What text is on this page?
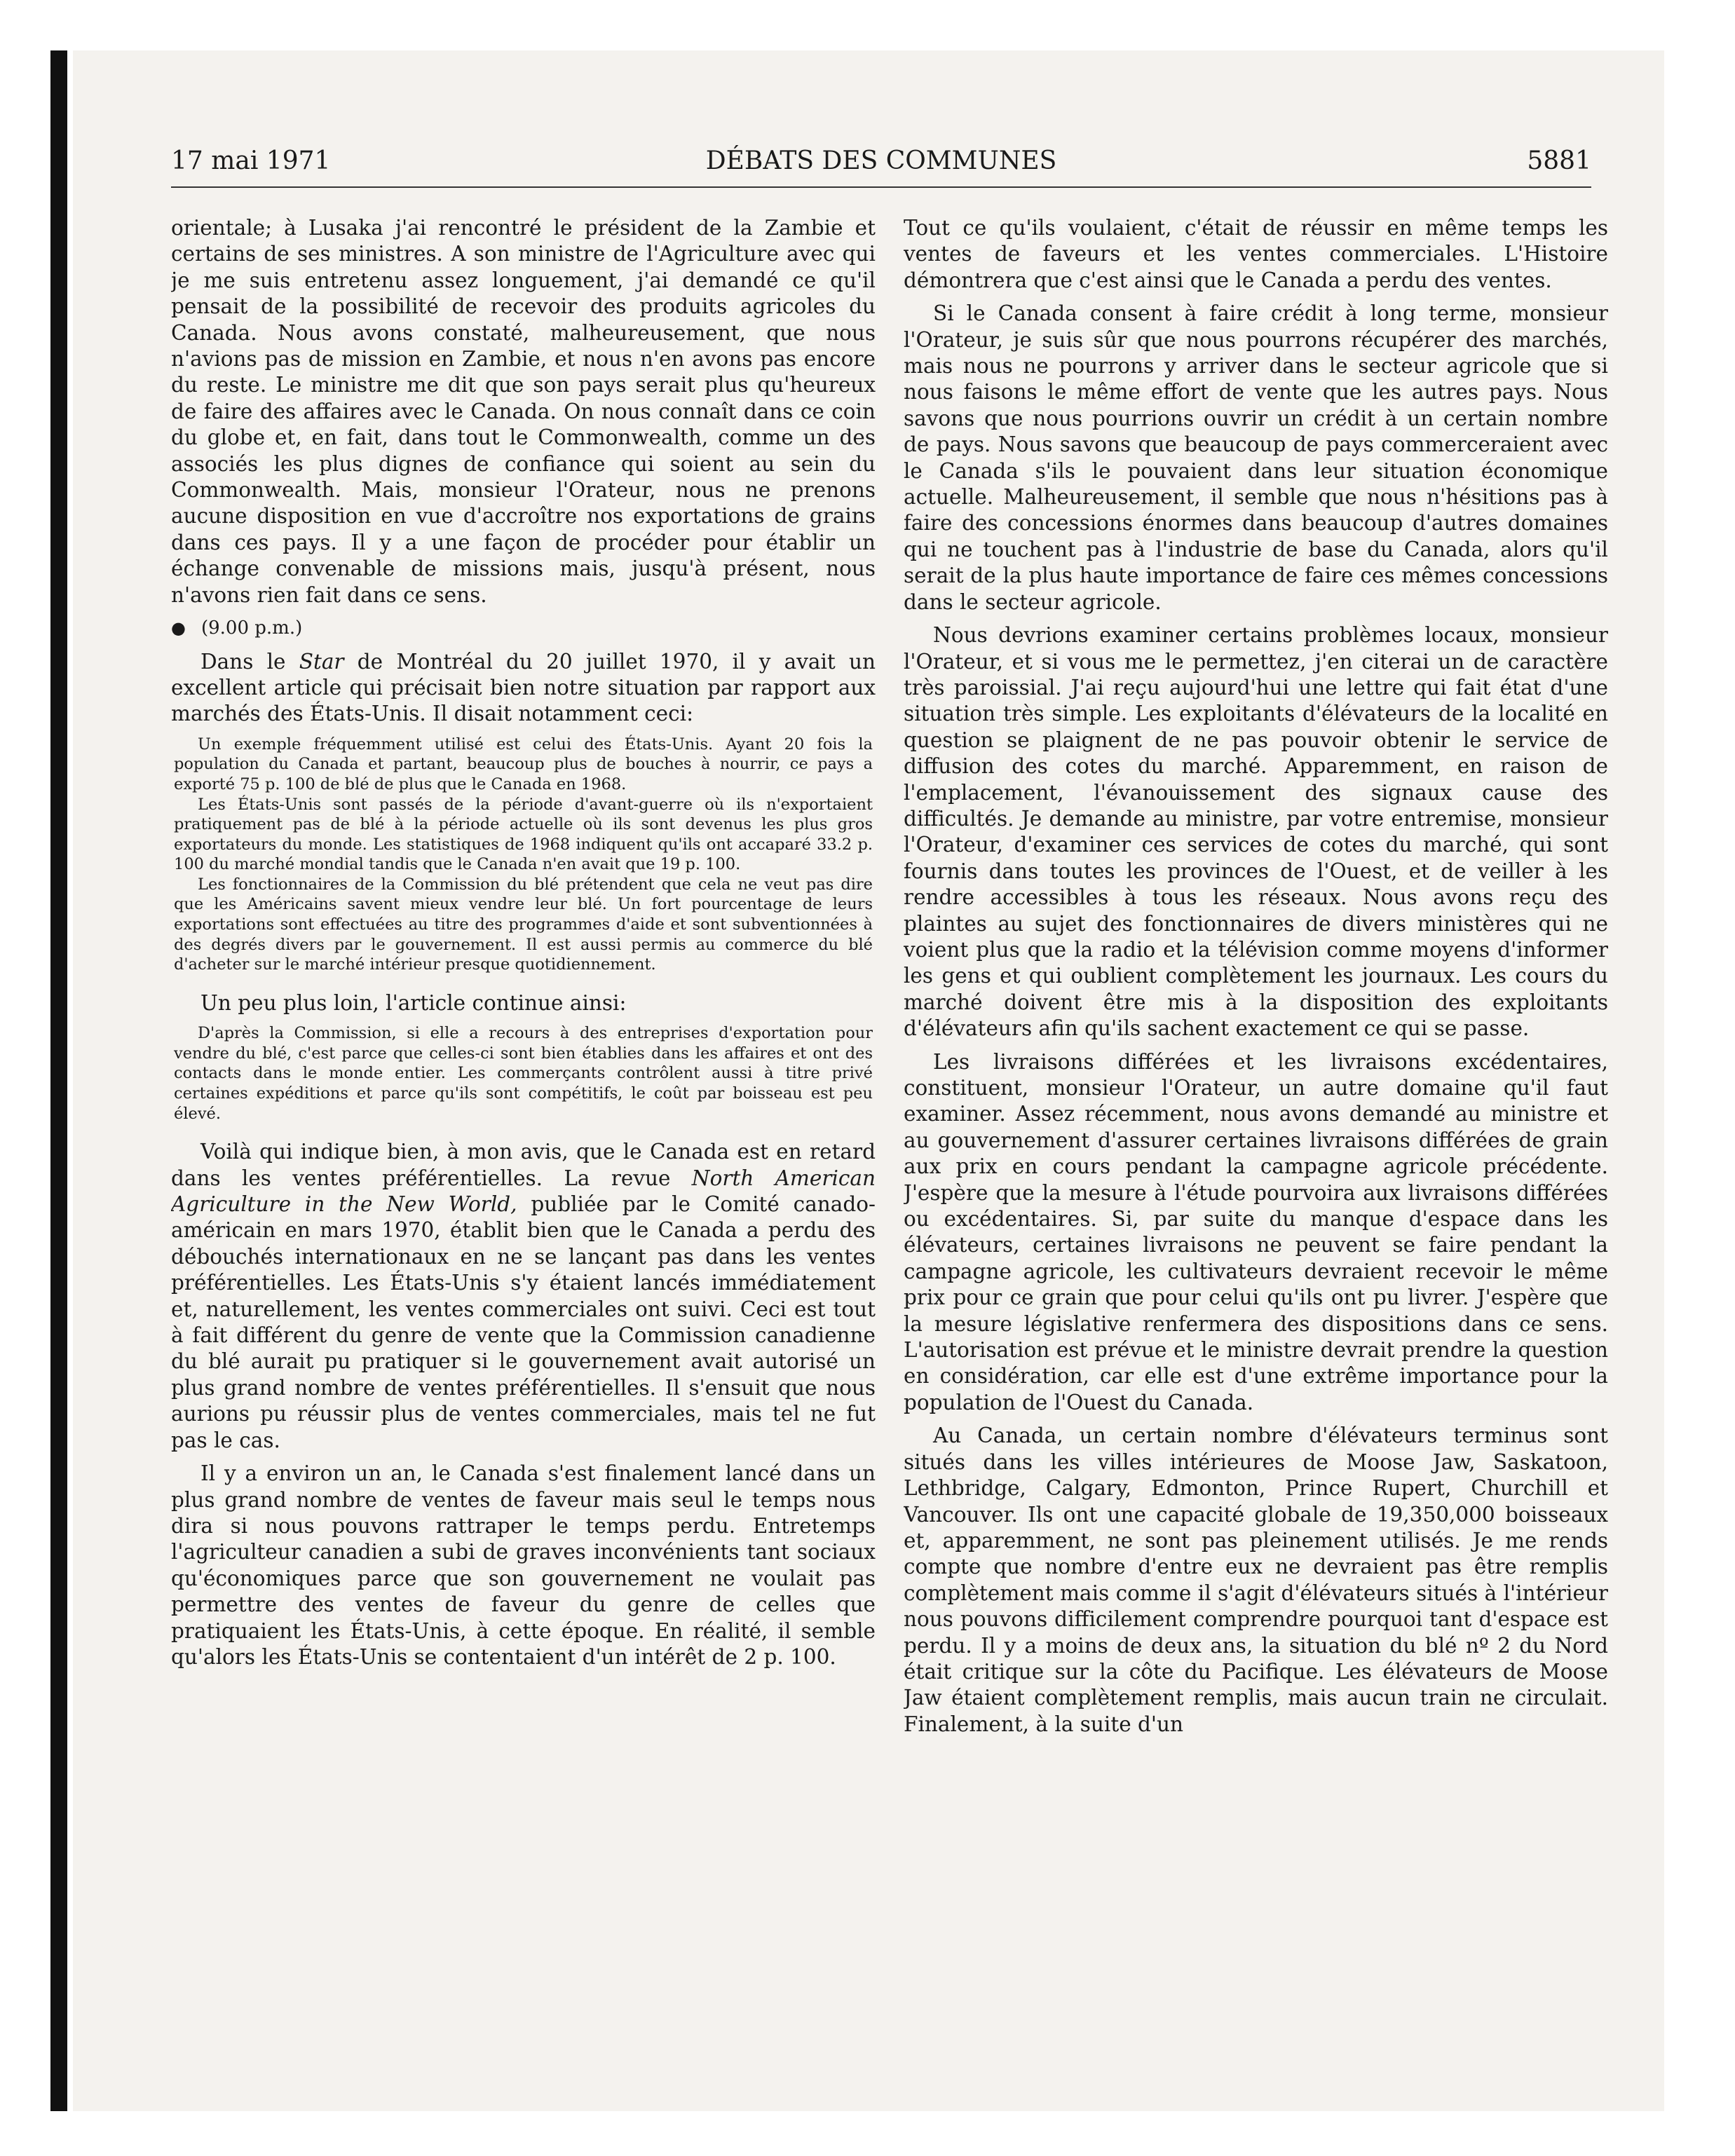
17 mai 1971	DÉBATS DES COMMUNES	5881

orientale; à Lusaka j'ai rencontré le président de la Zambie et certains de ses ministres. A son ministre de l'Agriculture avec qui je me suis entretenu assez longuement, j'ai demandé ce qu'il pensait de la possibilité de recevoir des produits agricoles du Canada. Nous avons constaté, malheureusement, que nous n'avions pas de mission en Zambie, et nous n'en avons pas encore du reste. Le ministre me dit que son pays serait plus qu'heureux de faire des affaires avec le Canada. On nous connaît dans ce coin du globe et, en fait, dans tout le Commonwealth, comme un des associés les plus dignes de confiance qui soient au sein du Commonwealth. Mais, monsieur l'Orateur, nous ne prenons aucune disposition en vue d'accroître nos exportations de grains dans ces pays. Il y a une façon de procéder pour établir un échange convenable de missions mais, jusqu'à présent, nous n'avons rien fait dans ce sens.

● (9.00 p.m.)

Dans le Star de Montréal du 20 juillet 1970, il y avait un excellent article qui précisait bien notre situation par rapport aux marchés des États-Unis. Il disait notamment ceci:

Un exemple fréquemment utilisé est celui des États-Unis. Ayant 20 fois la population du Canada et partant, beaucoup plus de bouches à nourrir, ce pays a exporté 75 p. 100 de blé de plus que le Canada en 1968.

Les États-Unis sont passés de la période d'avant-guerre où ils n'exportaient pratiquement pas de blé à la période actuelle où ils sont devenus les plus gros exportateurs du monde. Les statistiques de 1968 indiquent qu'ils ont accaparé 33.2 p. 100 du marché mondial tandis que le Canada n'en avait que 19 p. 100.

Les fonctionnaires de la Commission du blé prétendent que cela ne veut pas dire que les Américains savent mieux vendre leur blé. Un fort pourcentage de leurs exportations sont effectuées au titre des programmes d'aide et sont subventionnées à des degrés divers par le gouvernement. Il est aussi permis au commerce du blé d'acheter sur le marché intérieur presque quotidiennement.

Un peu plus loin, l'article continue ainsi:

D'après la Commission, si elle a recours à des entreprises d'exportation pour vendre du blé, c'est parce que celles-ci sont bien établies dans les affaires et ont des contacts dans le monde entier. Les commerçants contrôlent aussi à titre privé certaines expéditions et parce qu'ils sont compétitifs, le coût par boisseau est peu élevé.

Voilà qui indique bien, à mon avis, que le Canada est en retard dans les ventes préférentielles. La revue North American Agriculture in the New World, publiée par le Comité canado-américain en mars 1970, établit bien que le Canada a perdu des débouchés internationaux en ne se lançant pas dans les ventes préférentielles. Les États-Unis s'y étaient lancés immédiatement et, naturellement, les ventes commerciales ont suivi. Ceci est tout à fait différent du genre de vente que la Commission canadienne du blé aurait pu pratiquer si le gouvernement avait autorisé un plus grand nombre de ventes préférentielles. Il s'ensuit que nous aurions pu réussir plus de ventes commerciales, mais tel ne fut pas le cas.

Il y a environ un an, le Canada s'est finalement lancé dans un plus grand nombre de ventes de faveur mais seul le temps nous dira si nous pouvons rattraper le temps perdu. Entretemps l'agriculteur canadien a subi de graves inconvénients tant sociaux qu'économiques parce que son gouvernement ne voulait pas permettre des ventes de faveur du genre de celles que pratiquaient les États-Unis, à cette époque. En réalité, il semble qu'alors les États-Unis se contentaient d'un intérêt de 2 p. 100.

Tout ce qu'ils voulaient, c'était de réussir en même temps les ventes de faveurs et les ventes commerciales. L'Histoire démontrera que c'est ainsi que le Canada a perdu des ventes.

Si le Canada consent à faire crédit à long terme, monsieur l'Orateur, je suis sûr que nous pourrons récupérer des marchés, mais nous ne pourrons y arriver dans le secteur agricole que si nous faisons le même effort de vente que les autres pays. Nous savons que nous pourrions ouvrir un crédit à un certain nombre de pays. Nous savons que beaucoup de pays commerceraient avec le Canada s'ils le pouvaient dans leur situation économique actuelle. Malheureusement, il semble que nous n'hésitions pas à faire des concessions énormes dans beaucoup d'autres domaines qui ne touchent pas à l'industrie de base du Canada, alors qu'il serait de la plus haute importance de faire ces mêmes concessions dans le secteur agricole.

Nous devrions examiner certains problèmes locaux, monsieur l'Orateur, et si vous me le permettez, j'en citerai un de caractère très paroissial. J'ai reçu aujourd'hui une lettre qui fait état d'une situation très simple. Les exploitants d'élévateurs de la localité en question se plaignent de ne pas pouvoir obtenir le service de diffusion des cotes du marché. Apparemment, en raison de l'emplacement, l'évanouissement des signaux cause des difficultés. Je demande au ministre, par votre entremise, monsieur l'Orateur, d'examiner ces services de cotes du marché, qui sont fournis dans toutes les provinces de l'Ouest, et de veiller à les rendre accessibles à tous les réseaux. Nous avons reçu des plaintes au sujet des fonctionnaires de divers ministères qui ne voient plus que la radio et la télévision comme moyens d'informer les gens et qui oublient complètement les journaux. Les cours du marché doivent être mis à la disposition des exploitants d'élévateurs afin qu'ils sachent exactement ce qui se passe.

Les livraisons différées et les livraisons excédentaires, constituent, monsieur l'Orateur, un autre domaine qu'il faut examiner. Assez récemment, nous avons demandé au ministre et au gouvernement d'assurer certaines livraisons différées de grain aux prix en cours pendant la campagne agricole précédente. J'espère que la mesure à l'étude pourvoira aux livraisons différées ou excédentaires. Si, par suite du manque d'espace dans les élévateurs, certaines livraisons ne peuvent se faire pendant la campagne agricole, les cultivateurs devraient recevoir le même prix pour ce grain que pour celui qu'ils ont pu livrer. J'espère que la mesure législative renfermera des dispositions dans ce sens. L'autorisation est prévue et le ministre devrait prendre la question en considération, car elle est d'une extrême importance pour la population de l'Ouest du Canada.

Au Canada, un certain nombre d'élévateurs terminus sont situés dans les villes intérieures de Moose Jaw, Saskatoon, Lethbridge, Calgary, Edmonton, Prince Rupert, Churchill et Vancouver. Ils ont une capacité globale de 19,350,000 boisseaux et, apparemment, ne sont pas pleinement utilisés. Je me rends compte que nombre d'entre eux ne devraient pas être remplis complètement mais comme il s'agit d'élévateurs situés à l'intérieur nous pouvons difficilement comprendre pourquoi tant d'espace est perdu. Il y a moins de deux ans, la situation du blé nº 2 du Nord était critique sur la côte du Pacifique. Les élévateurs de Moose Jaw étaient complètement remplis, mais aucun train ne circulait. Finalement, à la suite d'un
